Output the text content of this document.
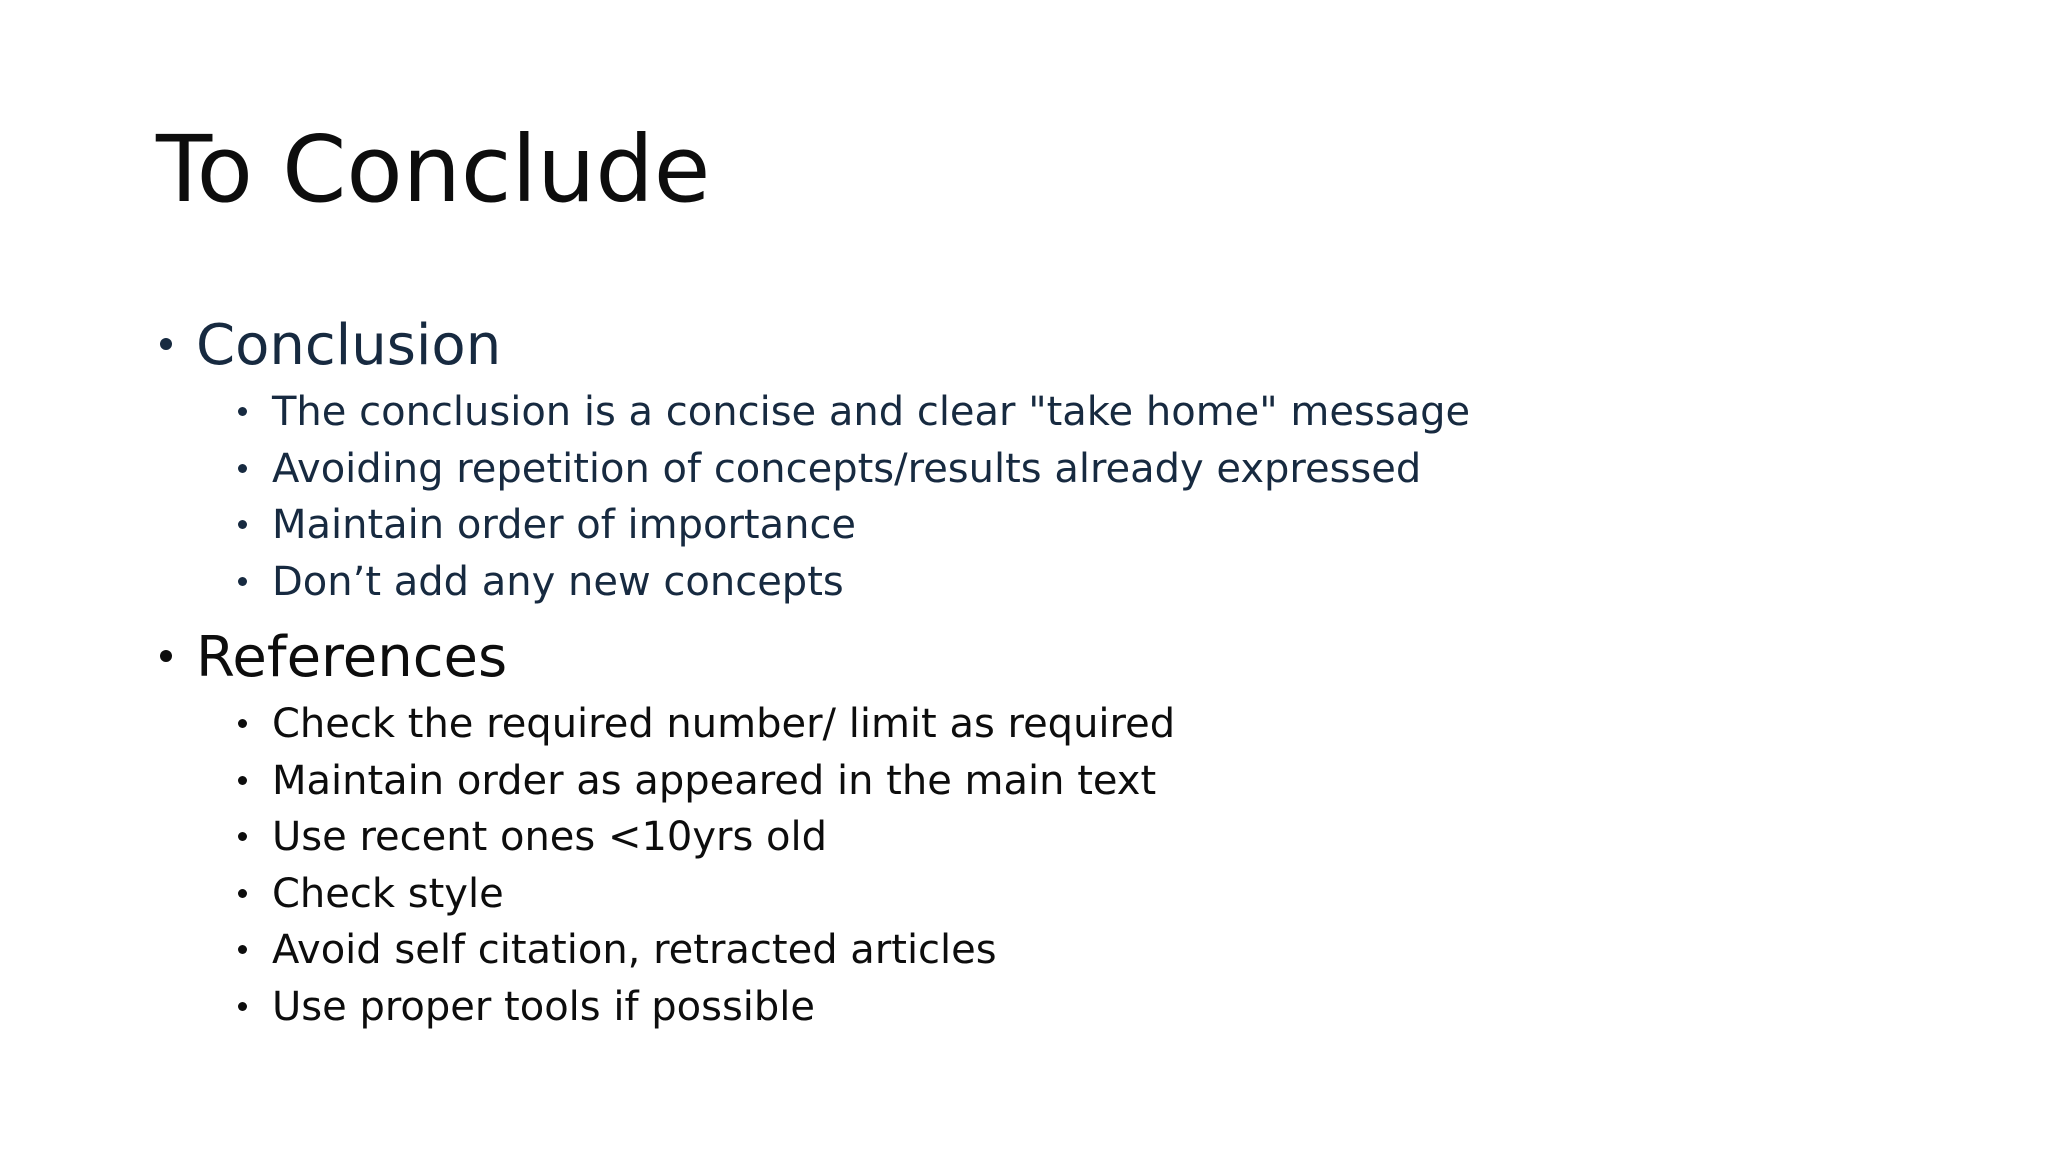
To Conclude
Conclusion
The conclusion is a concise and clear "take home" message
Avoiding repetition of concepts/results already expressed
Maintain order of importance
Don’t add any new concepts
References
Check the required number/ limit as required
Maintain order as appeared in the main text
Use recent ones <10yrs old
Check style
Avoid self citation, retracted articles
Use proper tools if possible
